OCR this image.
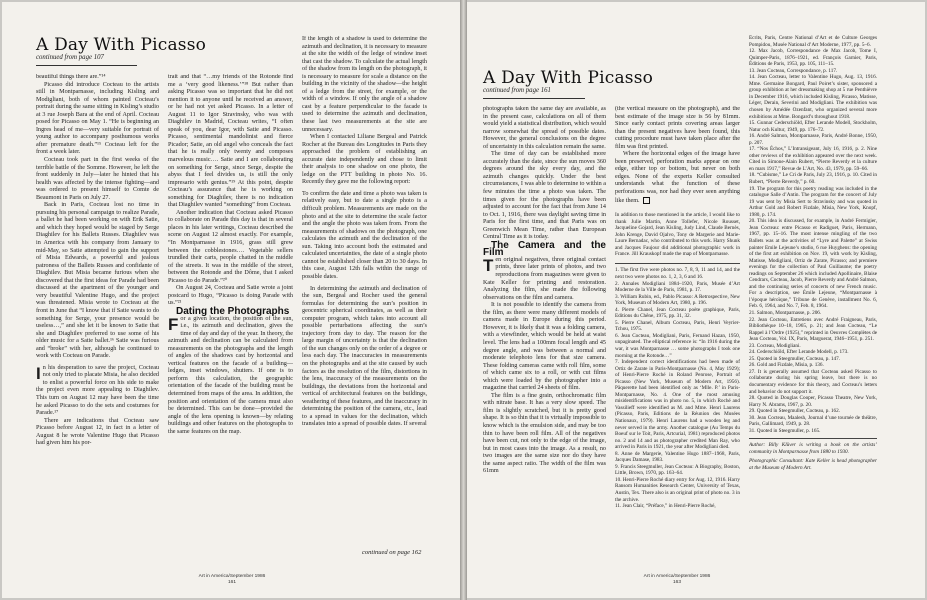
A Day With Picasso
continued from page 107

beautiful things there are.”¹⁴

Picasso did introduce Cocteau to the artists still in Montparnasse, including Kisling and Modigliani, both of whom painted Cocteau’s portrait during the same sitting in Kisling’s studio at 3 rue Joseph Bara at the end of April. Cocteau posed for Picasso on May 1. “He is beginning an Ingres head of me—very suitable for portrait of young author to accompany posthumous works after premature death.”¹⁵ Cocteau left for the front a week later.

Cocteau took part in the first weeks of the terrible battle of the Somme. However, he left the front suddenly in July—later he hinted that his health was affected by the intense fighting—and was ordered to present himself to Comte de Beaumont in Paris on July 27.

Back in Paris, Cocteau lost no time in pursuing his personal campaign to realize Parade, a ballet he had been working on with Erik Satie, and which they hoped would be staged by Serge Diaghilev for his Ballets Russes. Diaghilev was in America with his company from January to mid-May, so Satie attempted to gain the support of Misia Edwards, a powerful and jealous patroness of the Ballets Russes and confidante of Diaghilev. But Misia became furious when she discovered that the first ideas for Parade had been discussed at the apartment of the younger and very beautiful Valentine Hugo, and the project was threatened. Misia wrote to Cocteau at the front in June that “I know that if Satie wants to do something for Serge, your presence would be useless…,” and she let it be known to Satie that she and Diaghilev preferred to use some of his older music for a Satie ballet.¹⁶ Satie was furious and “broke” with her, although he continued to work with Cocteau on Parade.

In his desperation to save the project, Cocteau not only tried to placate Misia, he also decided to enlist a powerful force on his side to make the project even more appealing to Diaghilev. This turn on August 12 may have been the time he asked Picasso to do the sets and costumes for Parade.¹⁷

There are indications that Cocteau saw Picasso before August 12, in fact in a letter of August 8 he wrote Valentine Hugo that Picasso had given him his por-

trait and that “…my friends of the Rotonde find me a ‘very good likeness.’”¹⁸ But rather than asking Picasso was so important that he did not mention it to anyone until he received an answer, or he had not yet asked Picasso. In a letter of August 11 to Igor Stravinsky, who was with Diaghilev in Madrid, Cocteau writes, “I often speak of you, dear Igor, with Satie and Picasso. Picasso, sentimental mandolinist and fierce Picador; Satie, an old angel who conceals the fact that he is really only twenty and composes marvelous music…. Satie and I are collaborating on something for Serge, since Serge, despite the abyss that I feel divides us, is still the only impresario with genius.”¹⁹ At this point, despite Cocteau’s assurance that he is working on something for Diaghilev, there is no indication that Diaghilev wanted “something” from Cocteau.

Another indication that Cocteau asked Picasso to collaborate on Parade this day is that in several places in his later writings, Cocteau described the scene on August 12 almost exactly. For example, “In Montparnasse in 1916, grass still grew between the cobblestones…. Vegetable sellers trundled their carts, people chatted in the middle of the streets. It was in the middle of the street, between the Rotonde and the Dôme, that I asked Picasso to do Parade.”²⁰

On August 24, Cocteau and Satie wrote a joint postcard to Hugo, “Picasso is doing Parade with us.”²¹

Dating the Photographs

For a given location, the position of the sun, i.e., its azimuth and declination, gives the time of day and day of the year. In theory, the azimuth and declination can be calculated from measurements on the photographs and the length of angles of the shadows cast by horizontal and vertical features on the facade of a building—ledges, inset windows, shutters. If one is to perform this calculation, the geographic orientation of the facade of the building must be determined from maps of the area. In addition, the position and orientation of the camera must also be determined. This can be done—provided the angle of the lens opening is known—by relating buildings and other features on the photographs to the same features on the map.

If the length of a shadow is used to determine the azimuth and declination, it is necessary to measure at the site the width of the ledge of window inset that cast the shadow. To calculate the actual length of the shadow from its length on the photograph, it is necessary to measure for scale a distance on the building in the vicinity of the shadow—the height of a ledge from the street, for example, or the width of a window. If only the angle of a shadow cast by a feature perpendicular to the facade is used to determine the azimuth and declination, these last two measurements at the site are unnecessary.

When I contacted Liliane Bergeal and Patrick Rocher at the Bureau des Longitudes in Paris they approached the problem of establishing an accurate date independently and chose to limit their analysis to one shadow on one photo, the ledge on the PTT building in photo No. 16. Recently they gave me the following report:

To confirm the date and time a photo was taken is relatively easy, but to date a single photo is a difficult problem. Measurements are made on the photo and at the site to determine the scale factor and the angle the photo was taken from. From the measurements of shadows on the photograph, one calculates the azimuth and the declination of the sun. Taking into account both the estimated and calculated uncertainties, the date of a single photo cannot be established closer than 20 to 30 days. In this case, August 12th falls within the range of possible dates.

In determining the azimuth and declination of the sun, Bergeal and Rocher used the general formulas for determining the sun’s position in geocentric spherical coordinates, as well as their computer program, which takes into account all possible perturbations affecting the sun’s trajectory from day to day. The reason for the large margin of uncertainty is that the declination of the sun changes only on the order of a degree or less each day. The inaccuracies in measurements on the photographs and at the site caused by such factors as the resolution of the film, distortions in the lens, inaccuracy of the measurements on the buildings, the deviations from the horizontal and vertical of architectural features on the buildings, weathering of these features, and the inaccuracy in determining the position of the camera, etc., lead to a spread in values for the declination, which translates into a spread of possible dates. If several

continued on page 162
Art in America/September 1986
161
A Day With Picasso
continued from page 161

photographs taken the same day are available, as in the present case, calculations on all of them would yield a statistical distribution, which would narrow somewhat the spread of possible dates. However, the general conclusions on the degree of uncertainty in this calculation remain the same.

The time of day can be established more accurately than the date, since the sun moves 360 degrees around the sky every day, and the azimuth changes quickly. Under the best circumstances, I was able to determine to within a few minutes the time a photo was taken. The times given for the photographs have been adjusted to account for the fact that from June 14 to Oct. 1, 1916, there was daylight saving time in Paris for the first time, and that Paris was on Greenwich Mean Time, rather than European Central Time as it is today.

The Camera and the Film

Ten original negatives, three original contact prints, three later prints of photos, and two reproductions from magazines were given to Kate Keller for printing and restoration. Analyzing the film, she made the following observations on the film and camera.

It is not possible to identify the camera from the film, as there were many different models of camera made in Europe during this period. However, it is likely that it was a folding camera, with a viewfinder, which would be held at waist level. The lens had a 100mm focal length and 45 degree angle, and was between a normal and moderate telephoto lens for that size camera. These folding cameras came with roll film, some of which came six to a roll, or with cut films which were loaded by the photographer into a magazine that carried 24 sheets of film.

The film is a fine grain, orthochromatic film with nitrate base. It has a very slow speed. The film is slightly scratched, but it is pretty good shape. It is so thin that it is virtually impossible to know which is the emulsion side, and may be too thin to have been roll film. All of the negatives have been cut, not only to the edge of the image, but in most cases into the image. As a result, no two images are the same size nor do they have the same aspect ratio. The width of the film was 61mm

(the vertical measure on the photograph), and the best estimate of the image size is 56 by 81mm. Since early contact prints covering areas larger than the present negatives have been found, this cutting procedure must have taken place after the film was first printed.

Where the horizontal edges of the image have been preserved, perforation marks appear on one edge, either top or bottom, but never on both edges. None of the experts Keller consulted understands what the function of these perforations was, nor had they ever seen anything like them.

In addition to those mentioned in the article, I would like to thank Julie Martin, Anne Tollefer, Nicole Rousset, Jacqueline Gojard, Jean Kisling, Judy Lind, Claude Bernès, John Krenge, David Ojalvo, Tony de Margerie and Marie-Laure Bernadac, who contributed to this work. Harry Shunk and Jacques Faujour did additional photographic work in France. Jill Krauskopf made the map of Montparnasse.

1. The first five were photos no. 7, 8, 9, 11 and 14, and the next two were photos no. 1, 2, 3, 6 and 16.

2. Annales Modigliani 1884–1920, Paris, Musée d’Art Moderne de la Ville de Paris, 1981, p. 17.

3. William Rubin, ed., Pablo Picasso: A Retrospective, New York, Museum of Modern Art, 1980, p. 196.

4. Pierre Chanel, Jean Cocteau poète graphique, Paris, Editions du Chêne, 1975, pp. 31, 32.

5. Pierre Chanel, Album Cocteau, Paris, Henri Veyrier-Tchou, 1975.

6. Jean Cocteau, Modigliani, Paris, Fernand Hazan, 1950, unpaginated. The elliptical reference is: “In 1916 during the war, it was Montparnasse … some photographs I took one morning at the Rotonde…”

7. Independent correct identifications had been made of Ortiz de Zarate in Paris-Montparnasse (No. 4, May 1929); of Henri-Pierre Roché in Roland Penrose, Portrait of Picasso (New York, Museum of Modern Art, 1956). Pâquerette had been identified only as ‘Mlle. P.’ in Paris-Montparnasse, No. 4. One of the most amusing misidentifications was in photo no. 5, in which Roché and Vassilieff were identified as M. and Mme. Henri Laurens (Picasso, Paris, Editions de la Réunion des Musées Nationaux, 1979). Henri Laurens had a wooden leg and never served in the army. Another catalogue (Au Temps du Boeuf sur le Toit, Paris, Artcurial, 1981) reproduced photos no. 2 and 14 and as photographer credited Man Ray, who arrived in Paris in 1921, the year after Modigliani died.

8. Anne de Margerie, Valentine Hugo 1887–1968, Paris, Jacques Damase, 1983.

9. Francis Steegmuller, Jean Cocteau: A Biography, Boston, Little, Brown, 1970, pp. 163–64.

10. Henri-Pierre Roché diary entry for Aug. 12, 1916. Harry Ransom Humanities Research Center, University of Texas, Austin, Tex. There also is an original print of photo no. 3 in the archive.

11. Jean Clair, “Préface,” in Henri-Pierre Roché,

Écrits, Paris, Centre National d’Art et de Culture Georges Pompidou, Musée National d’Art Moderne, 1977, pp. 5–6.

12. Max Jacob, Correspondance de Max Jacob, Tome I, Quimper-Paris, 1876–1921, ed. François Garnier, Paris, Éditions de Paris, 1953, pp. 105, 111–15.

13. Jean Cocteau, Correspondance, p. 117.

14. Jean Cocteau, letter to Valentine Hugo, Aug. 13, 1916. Mme. Germaine Bongard, Paul Poiret’s sister, sponsored a group exhibition at her dressmaking shop at 5 rue Penthièvre in December 1916, which included Kisling, Picasso, Matisse, Léger, Derain, Severini and Modigliani. The exhibition was chosen by Amédée Ozenfant, who organized several more exhibitions at Mme. Bongard’s throughout 1918.

15. Gunnar Cederschiöld, Efter Lerande Modell, Stockholm, Natur och Kultur, 1949, pp. 176–72.

16. André Salmon, Montparnasse, Paris, André Bonne, 1950, p. 207.

17. “Nos Échos,” L’Intransigeant, July 16, 1916, p. 2. Nine other reviews of the exhibition appeared over the next week. Cited in Simone-Alain Rubert, “Pierre Reverdy et la culture en mars 1917,” Revue de L’Art, No. 43, 1979, pp. 59–66.

18. “Cubisme,” Le Cri de Paris, July 23, 1916, p. 10. Cited in Rubert, “Pierre Reverdy,” p. 60.

19. The program for this poetry reading was included in the catalogue Salle d’Antin. The program for the concert of July 19 was sent by Misia Sert to Stravinsky and was quoted in Arthur Gold and Robert Fizdale, Misia, New York, Knopf, 1980, p. 174.

20. This idea is discussed, for example, in André Fermigier, Jean Cocteau: entre Picasso et Radiguet, Paris, Hermann, 1967, pp. 15–16. The most intense mingling of the two Ballets was at the activities of “Lyre and Palette” at Swiss painter Emile Lejeune’s studio, 6 rue Huyghens: the opening of the first art exhibition on Nov. 19, with work by Kisling, Matisse, Modigliani, Ortiz de Zarate, Picasso; and premiere evenings for the collection of Paul Guillaume; the poetry readings on September 26 which included Apollinaire, Blaise Cendrars, Cocteau, Jacob, Pierre Reverdy and André Salmon, and the continuing series of concerts of new French music. For a description, see Émile Lejeune, “Montparnasse à l’époque héroïque,” Tribune de Genève, installment No. 6, Feb. 6, 1964, and No. 7, Feb. 8, 1964.

21. Salmon, Montparnasse, p. 206.

22. Jean Cocteau, Entretiens avec André Fraigneau, Paris, Bibliothèque 10–18, 1965, p. 21; and Jean Cocteau, “Le Rappel à l’Ordre (1925),” reprinted in Oeuvres Complètes de Jean Cocteau, Vol. IX, Paris, Marguerat, 1946–1951, p. 251.

23. Cocteau, Modigliani.

24. Cederschiöld, Efter Lerande Modell, p. 173.

25. Quoted in Steegmuller, Cocteau, p. 147.

26. Gold and Fizdale, Misia, p. 136.

27. It is generally assumed that Cocteau asked Picasso to collaborate during his spring leave, but there is no documentary evidence for this theory, and Cocteau’s letters and behavior do not support it.

28. Quoted in Douglas Cooper, Picasso Theatre, New York, Harry N. Abrams, 1967, p. 20.

29. Quoted in Steegmuller, Cocteau, p. 162.

30. Jean Cocteau, Maalesh, Journal d’une tournée de théâtre, Paris, Gallimard, 1949, p. 28.

31. Quoted in Steegmuller, p. 165.

Author: Billy Klüver is writing a book on the artists’ community in Montparnasse from 1880 to 1930.

Photographic Consultant: Kate Keller is head photographer at the Museum of Modern Art.

Art in America/September 1986
163
